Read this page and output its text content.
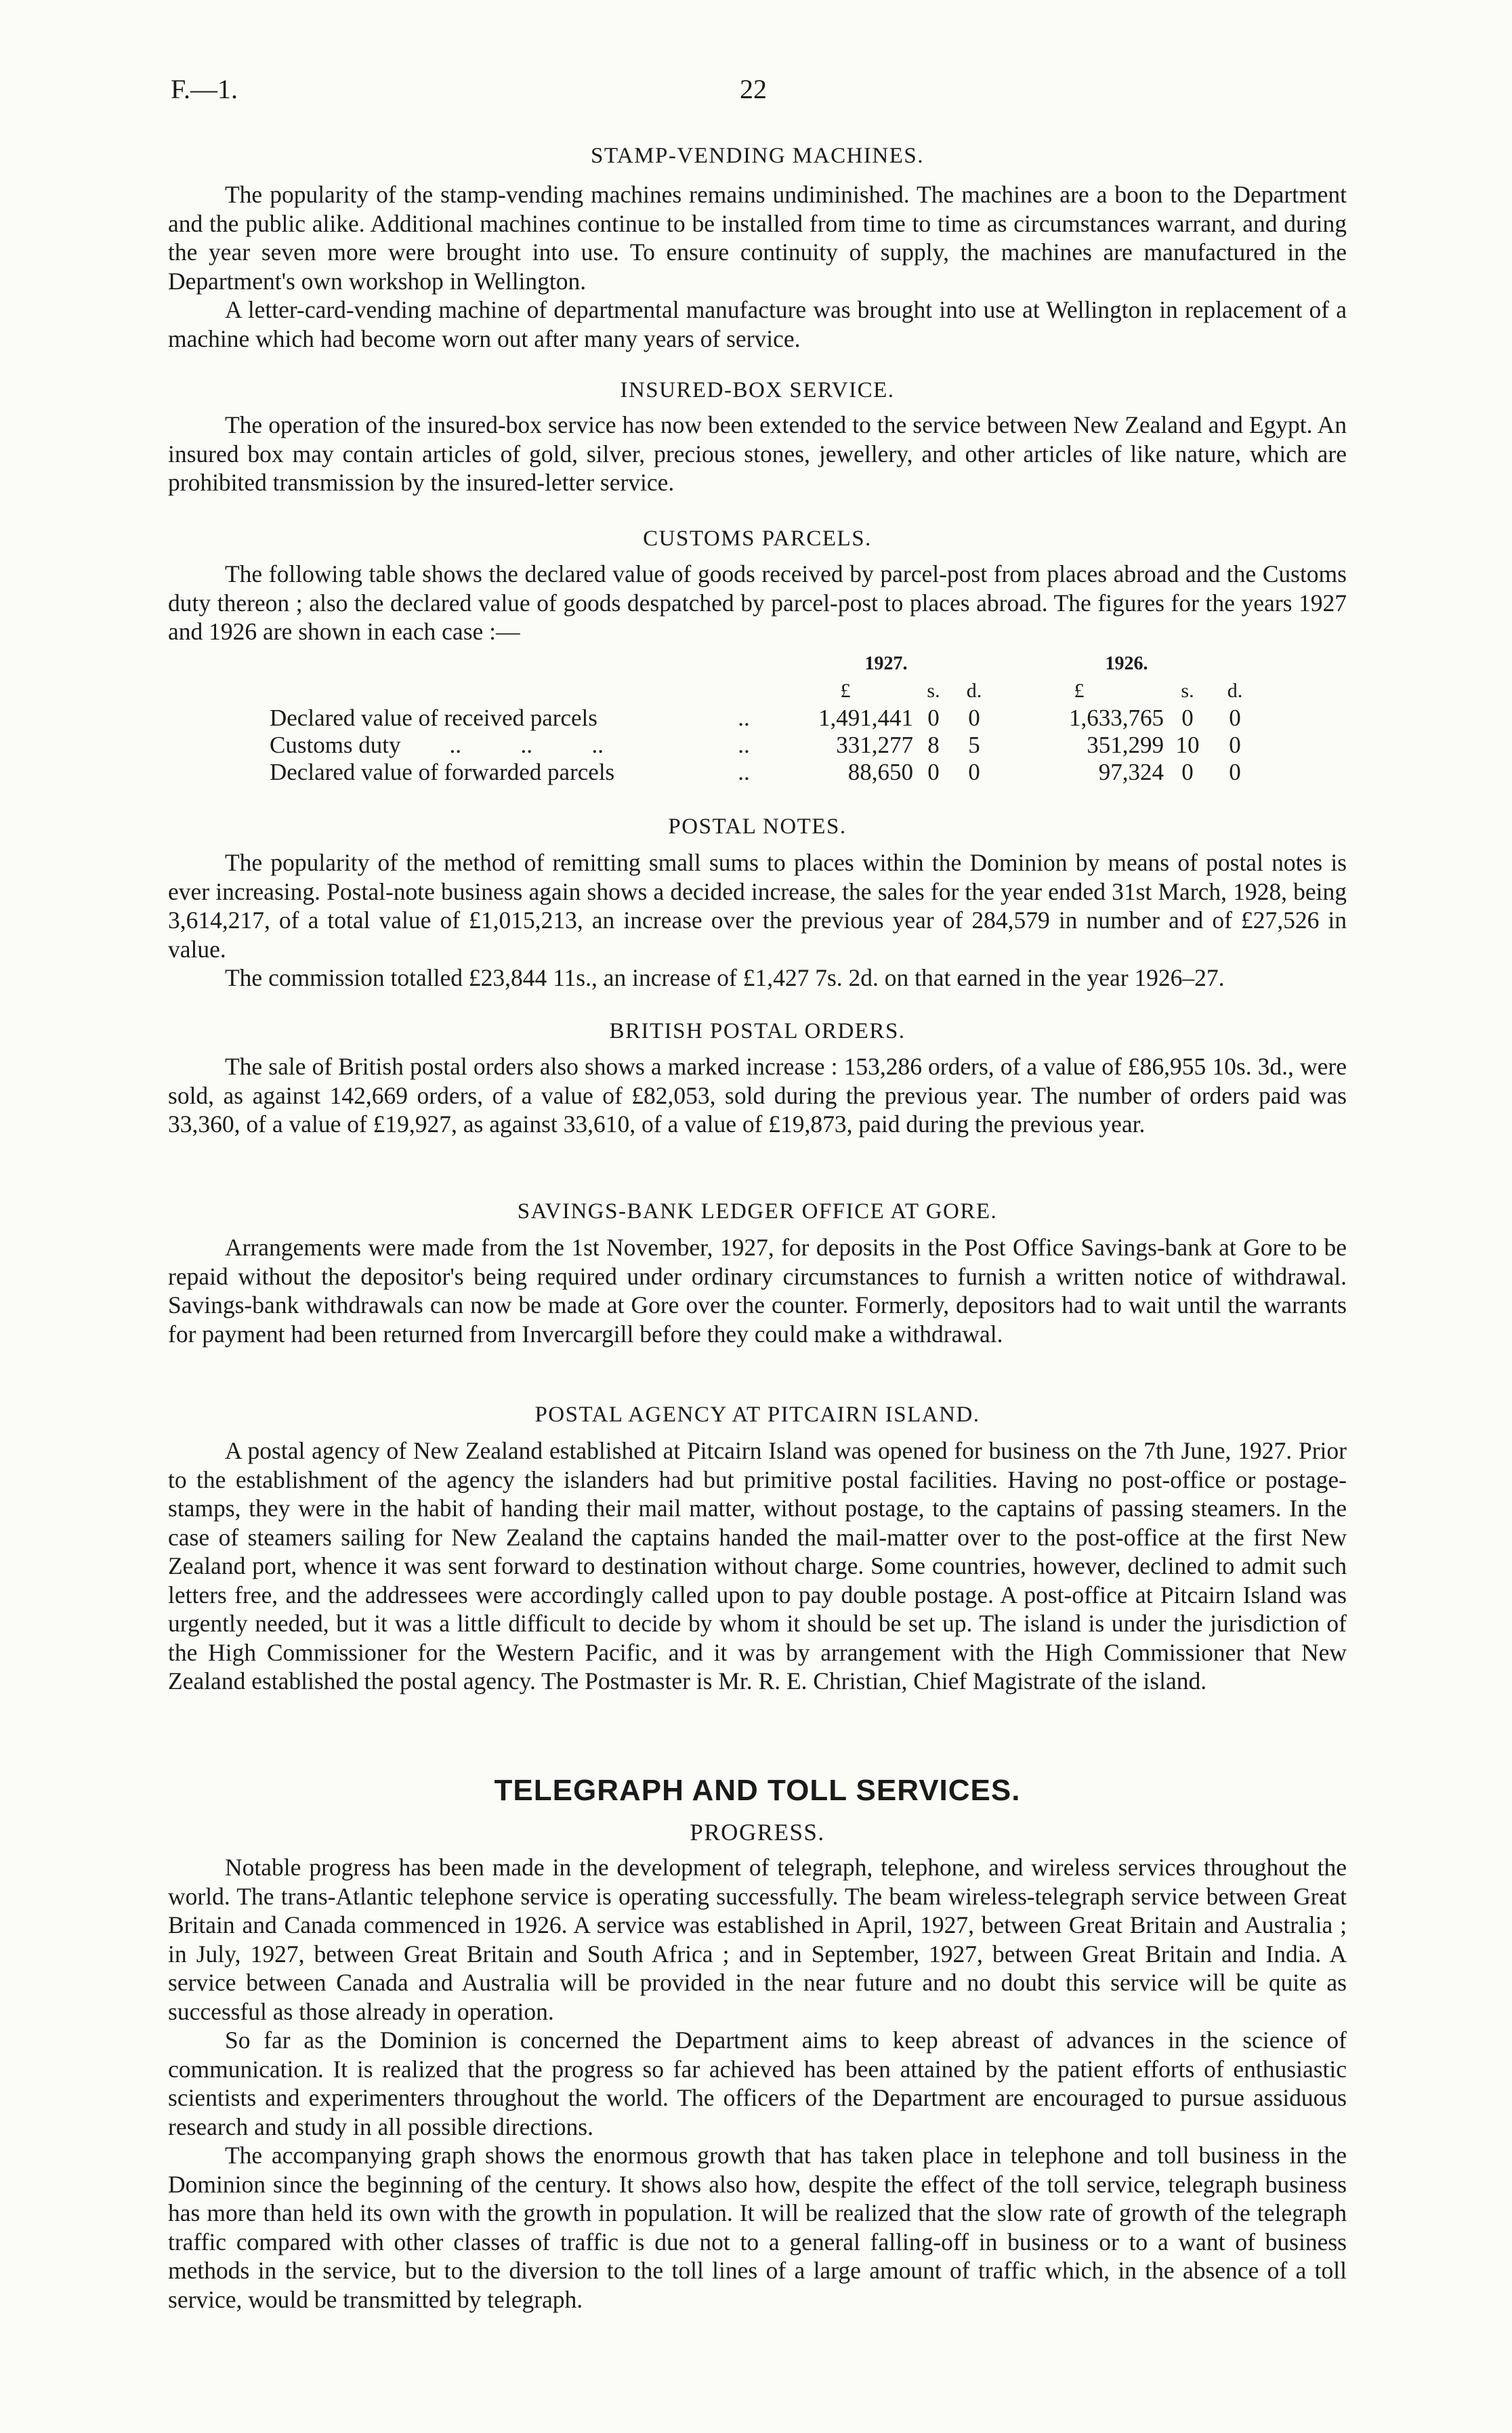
F.—1.	22
STAMP-VENDING MACHINES.

The popularity of the stamp-vending machines remains undiminished. The machines are a boon to the Department and the public alike. Additional machines continue to be installed from time to time as circumstances warrant, and during the year seven more were brought into use. To ensure continuity of supply, the machines are manufactured in the Department's own workshop in Wellington.

A letter-card-vending machine of departmental manufacture was brought into use at Wellington in replacement of a machine which had become worn out after many years of service.

INSURED-BOX SERVICE.

The operation of the insured-box service has now been extended to the service between New Zealand and Egypt. An insured box may contain articles of gold, silver, precious stones, jewellery, and other articles of like nature, which are prohibited transmission by the insured-letter service.

CUSTOMS PARCELS.

The following table shows the declared value of goods received by parcel-post from places abroad and the Customs duty thereon ; also the declared value of goods despatched by parcel-post to places abroad. The figures for the years 1927 and 1926 are shown in each case :—

		1927.			1926.		
		£	s.	d.	£	s.	d.
Declared value of received parcels	..	1,491,441	0	0	1,633,765	0	0
Customs duty ..          ..          ..	..	331,277	8	5	351,299	10	0
Declared value of forwarded parcels	..	88,650	0	0	97,324	0	0
POSTAL NOTES.

The popularity of the method of remitting small sums to places within the Dominion by means of postal notes is ever increasing. Postal-note business again shows a decided increase, the sales for the year ended 31st March, 1928, being 3,614,217, of a total value of £1,015,213, an increase over the previous year of 284,579 in number and of £27,526 in value.

The commission totalled £23,844 11s., an increase of £1,427 7s. 2d. on that earned in the year 1926–27.

BRITISH POSTAL ORDERS.

The sale of British postal orders also shows a marked increase : 153,286 orders, of a value of £86,955 10s. 3d., were sold, as against 142,669 orders, of a value of £82,053, sold during the previous year. The number of orders paid was 33,360, of a value of £19,927, as against 33,610, of a value of £19,873, paid during the previous year.

SAVINGS-BANK LEDGER OFFICE AT GORE.

Arrangements were made from the 1st November, 1927, for deposits in the Post Office Savings-bank at Gore to be repaid without the depositor's being required under ordinary circumstances to furnish a written notice of withdrawal. Savings-bank withdrawals can now be made at Gore over the counter. Formerly, depositors had to wait until the warrants for payment had been returned from Invercargill before they could make a withdrawal.

POSTAL AGENCY AT PITCAIRN ISLAND.

A postal agency of New Zealand established at Pitcairn Island was opened for business on the 7th June, 1927. Prior to the establishment of the agency the islanders had but primitive postal facilities. Having no post-office or postage-stamps, they were in the habit of handing their mail matter, without postage, to the captains of passing steamers. In the case of steamers sailing for New Zealand the captains handed the mail-matter over to the post-office at the first New Zealand port, whence it was sent forward to destination without charge. Some countries, however, declined to admit such letters free, and the addressees were accordingly called upon to pay double postage. A post-office at Pitcairn Island was urgently needed, but it was a little difficult to decide by whom it should be set up. The island is under the jurisdiction of the High Commissioner for the Western Pacific, and it was by arrangement with the High Commissioner that New Zealand established the postal agency. The Postmaster is Mr. R. E. Christian, Chief Magistrate of the island.

TELEGRAPH AND TOLL SERVICES.
PROGRESS.

Notable progress has been made in the development of telegraph, telephone, and wireless services throughout the world. The trans-Atlantic telephone service is operating successfully. The beam wireless-telegraph service between Great Britain and Canada commenced in 1926. A service was established in April, 1927, between Great Britain and Australia ; in July, 1927, between Great Britain and South Africa ; and in September, 1927, between Great Britain and India. A service between Canada and Australia will be provided in the near future and no doubt this service will be quite as successful as those already in operation.

So far as the Dominion is concerned the Department aims to keep abreast of advances in the science of communication. It is realized that the progress so far achieved has been attained by the patient efforts of enthusiastic scientists and experimenters throughout the world. The officers of the Department are encouraged to pursue assiduous research and study in all possible directions.

The accompanying graph shows the enormous growth that has taken place in telephone and toll business in the Dominion since the beginning of the century. It shows also how, despite the effect of the toll service, telegraph business has more than held its own with the growth in population. It will be realized that the slow rate of growth of the telegraph traffic compared with other classes of traffic is due not to a general falling-off in business or to a want of business methods in the service, but to the diversion to the toll lines of a large amount of traffic which, in the absence of a toll service, would be transmitted by telegraph.
